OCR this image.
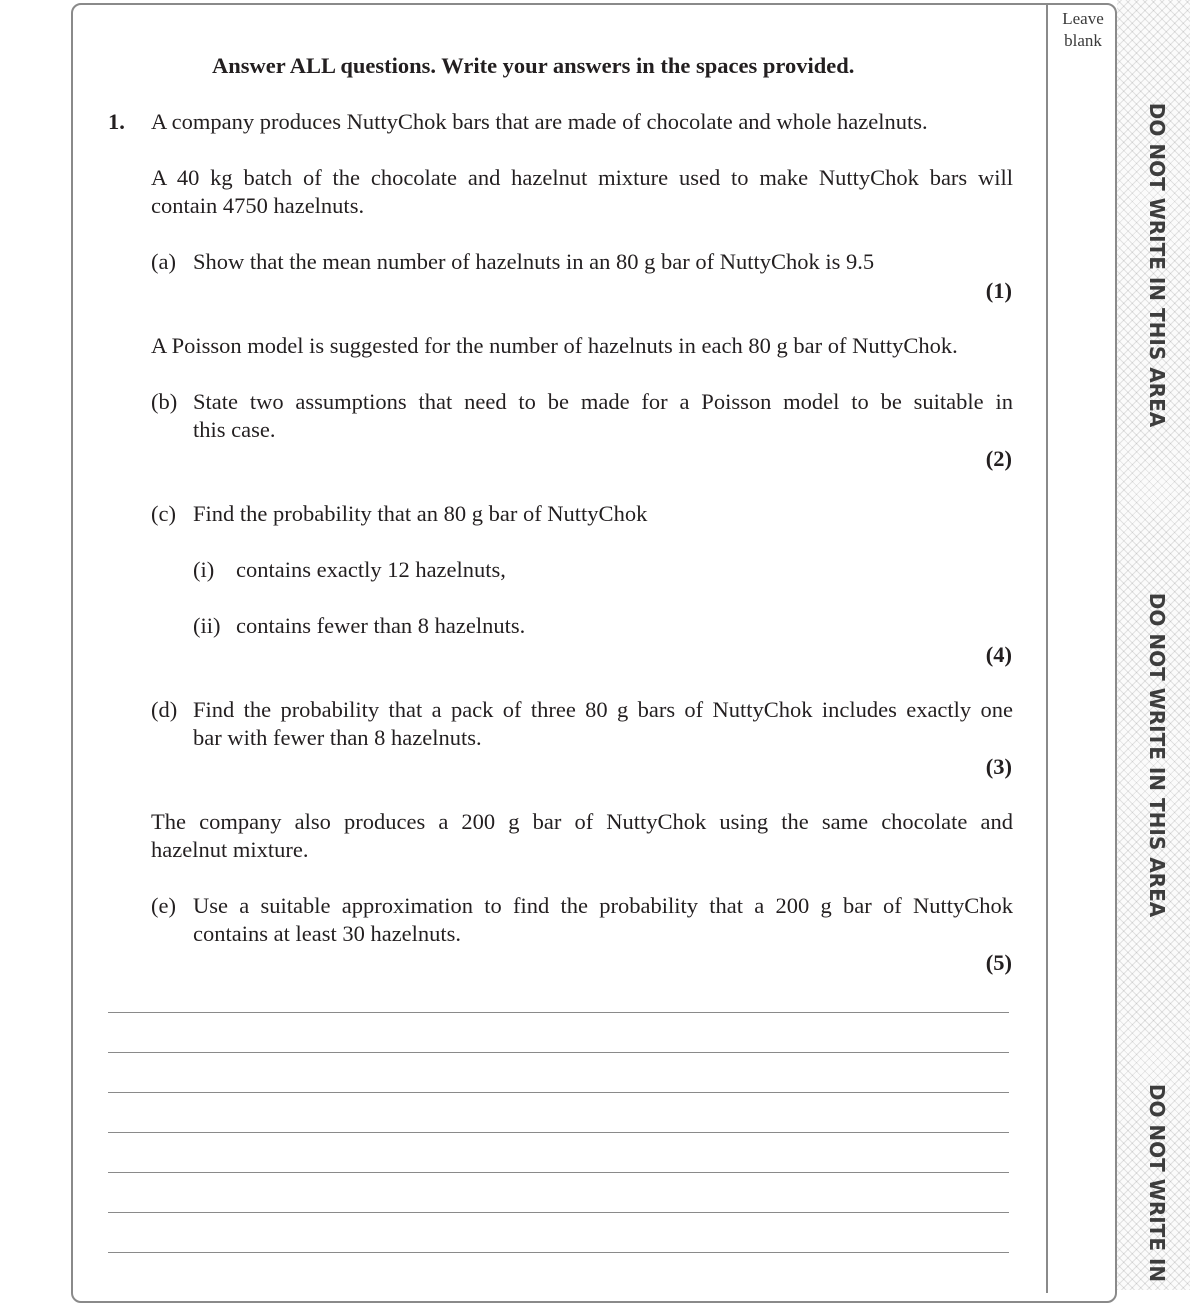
Leave
blank
DO NOT WRITE IN THIS AREA
DO NOT WRITE IN THIS AREA
DO NOT WRITE IN
Answer ALL questions. Write your answers in the spaces provided.
1. A company produces NuttyChok bars that are made of chocolate and whole hazelnuts.
A 40 kg batch of the chocolate and hazelnut mixture used to make NuttyChok bars will
contain 4750 hazelnuts.
(a) Show that the mean number of hazelnuts in an 80 g bar of NuttyChok is 9.5
(1)
A Poisson model is suggested for the number of hazelnuts in each 80 g bar of NuttyChok.
(b) State two assumptions that need to be made for a Poisson model to be suitable in
this case.
(2)
(c) Find the probability that an 80 g bar of NuttyChok
(i) contains exactly 12 hazelnuts,
(ii) contains fewer than 8 hazelnuts.
(4)
(d) Find the probability that a pack of three 80 g bars of NuttyChok includes exactly one
bar with fewer than 8 hazelnuts.
(3)
The company also produces a 200 g bar of NuttyChok using the same chocolate and
hazelnut mixture.
(e) Use a suitable approximation to find the probability that a 200 g bar of NuttyChok
contains at least 30 hazelnuts.
(5)
